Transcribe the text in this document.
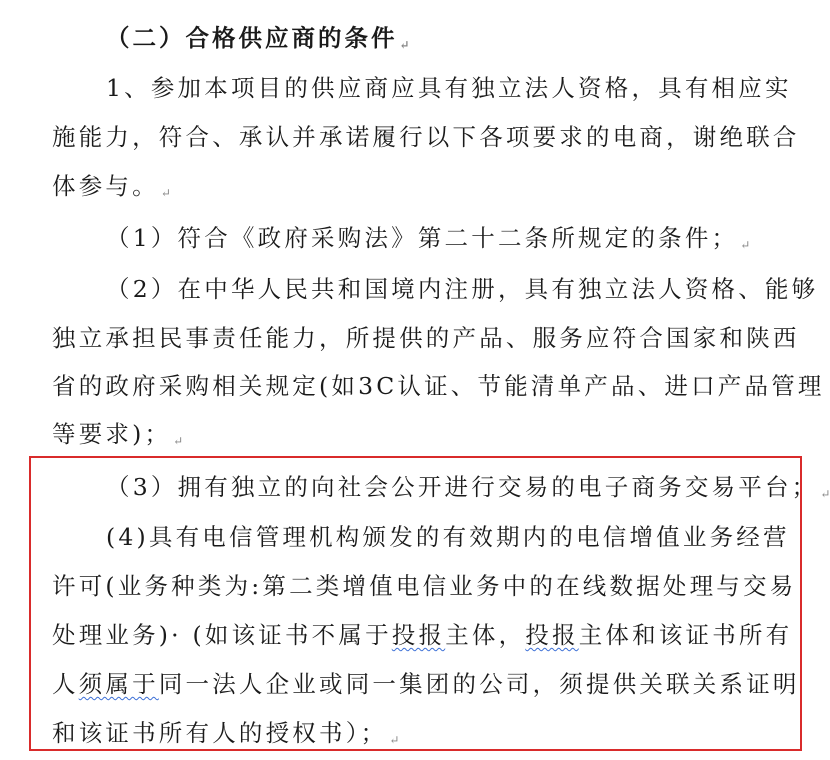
（二）合格供应商的条件 ↵
1、参加本项目的供应商应具有独立法人资格，具有相应实
施能力，符合、承认并承诺履行以下各项要求的电商，谢绝联合
体参与。 ↵
（1）符合《政府采购法》第二十二条所规定的条件； ↵
（2）在中华人民共和国境内注册，具有独立法人资格、能够
独立承担民事责任能力，所提供的产品、服务应符合国家和陕西
省的政府采购相关规定(如3C认证、节能清单产品、进口产品管理
等要求)； ↵
（3）拥有独立的向社会公开进行交易的电子商务交易平台； ↵
(4)具有电信管理机构颁发的有效期内的电信增值业务经营
许可(业务种类为:第二类增值电信业务中的在线数据处理与交易
处理业务)· (如该证书不属于投报主体，投报主体和该证书所有
人须属于同一法人企业或同一集团的公司，须提供关联关系证明
和该证书所有人的授权书）； ↵
